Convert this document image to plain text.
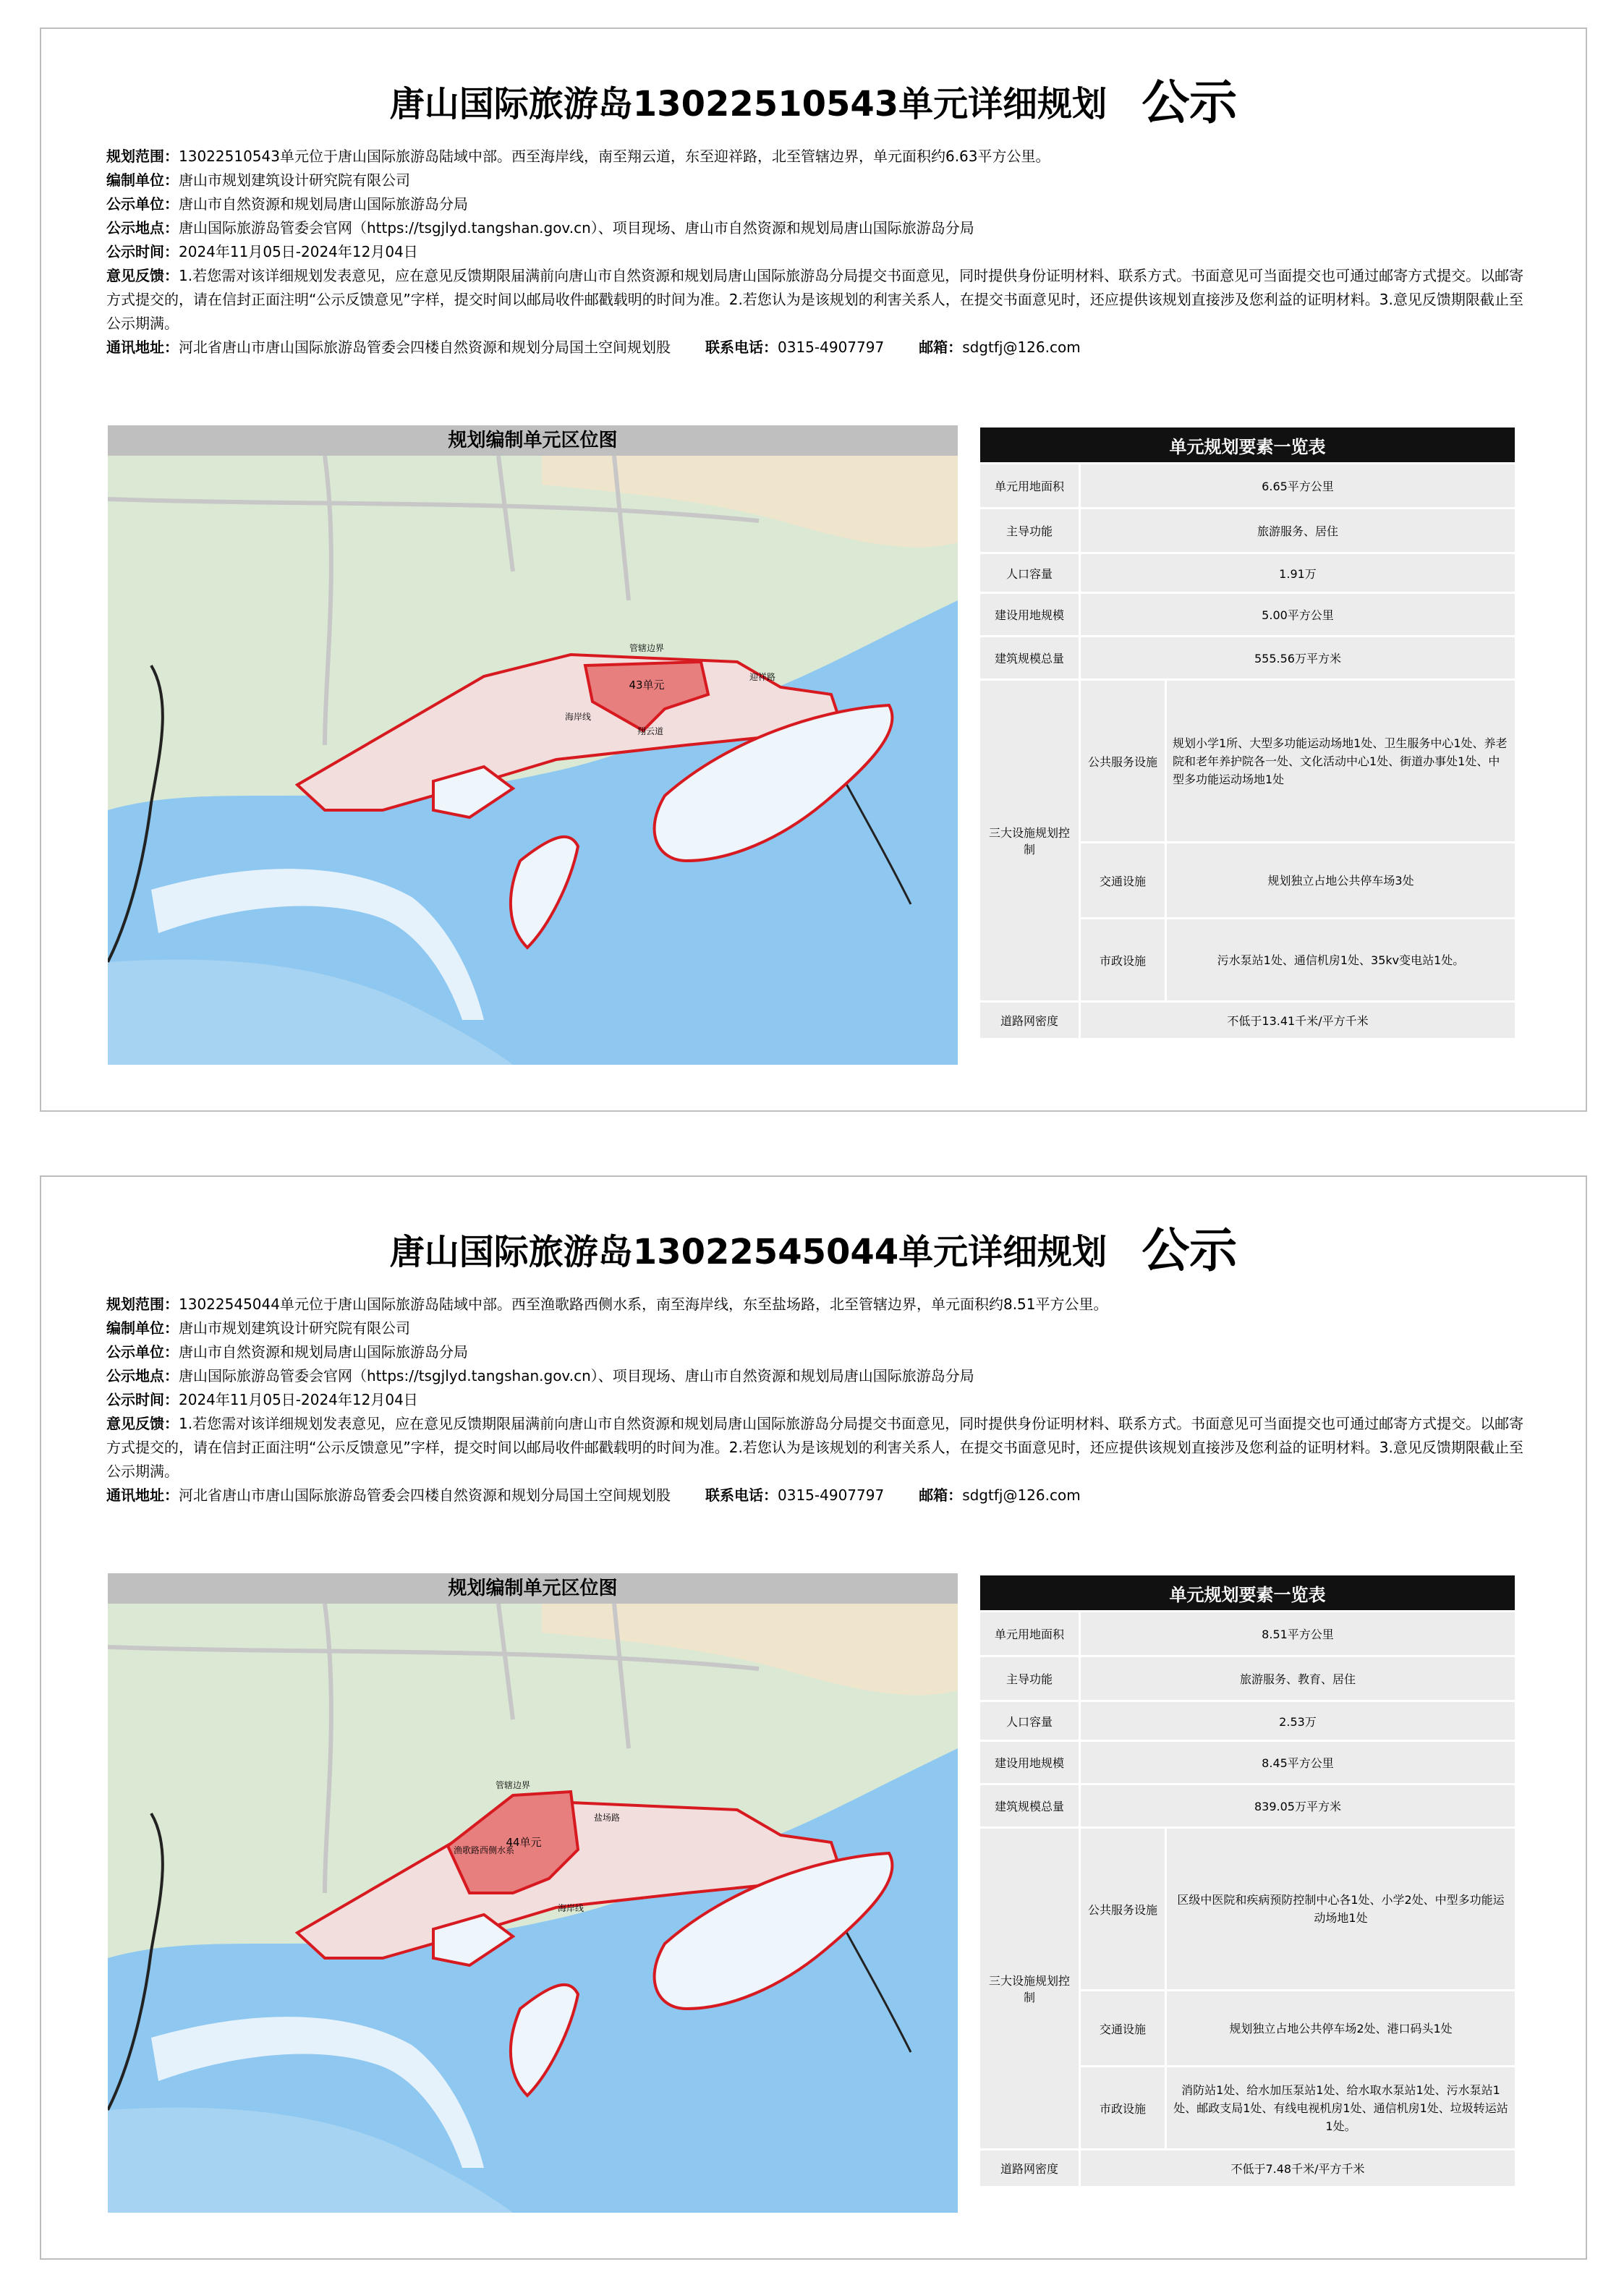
唐山国际旅游岛13022510543单元详细规划 公示
规划范围：13022510543单元位于唐山国际旅游岛陆域中部。西至海岸线，南至翔云道，东至迎祥路，北至管辖边界，单元面积约6.63平方公里。
编制单位：唐山市规划建筑设计研究院有限公司
公示单位：唐山市自然资源和规划局唐山国际旅游岛分局
公示地点：唐山国际旅游岛管委会官网（https://tsgjlyd.tangshan.gov.cn）、项目现场、唐山市自然资源和规划局唐山国际旅游岛分局
公示时间：2024年11月05日-2024年12月04日
意见反馈：1.若您需对该详细规划发表意见，应在意见反馈期限届满前向唐山市自然资源和规划局唐山国际旅游岛分局提交书面意见，同时提供身份证明材料、联系方式。书面意见可当面提交也可通过邮寄方式提交。以邮寄方式提交的，请在信封正面注明“公示反馈意见”字样，提交时间以邮局收件邮戳载明的时间为准。2.若您认为是该规划的利害关系人，在提交书面意见时，还应提供该规划直接涉及您利益的证明材料。3.意见反馈期限截止至公示期满。
通讯地址：河北省唐山市唐山国际旅游岛管委会四楼自然资源和规划分局国土空间规划股 联系电话：0315-4907797 邮箱：sdgtfj@126.com
规划编制单元区位图
43单元
管辖边界
迎祥路
翔云道
海岸线
单元规划要素一览表		
单元用地面积	6.65平方公里	
主导功能	旅游服务、居住	
人口容量	1.91万	
建设用地规模	5.00平方公里	
建筑规模总量	555.56万平方米	
三大设施规划控制	公共服务设施	规划小学1所、大型多功能运动场地1处、卫生服务中心1处、养老院和老年养护院各一处、文化活动中心1处、街道办事处1处、中型多功能运动场地1处
	交通设施	规划独立占地公共停车场3处
	市政设施	污水泵站1处、通信机房1处、35kv变电站1处。
道路网密度	不低于13.41千米/平方千米	
唐山国际旅游岛13022545044单元详细规划 公示
规划范围：13022545044单元位于唐山国际旅游岛陆域中部。西至渔歌路西侧水系，南至海岸线，东至盐场路，北至管辖边界，单元面积约8.51平方公里。
编制单位：唐山市规划建筑设计研究院有限公司
公示单位：唐山市自然资源和规划局唐山国际旅游岛分局
公示地点：唐山国际旅游岛管委会官网（https://tsgjlyd.tangshan.gov.cn）、项目现场、唐山市自然资源和规划局唐山国际旅游岛分局
公示时间：2024年11月05日-2024年12月04日
意见反馈：1.若您需对该详细规划发表意见，应在意见反馈期限届满前向唐山市自然资源和规划局唐山国际旅游岛分局提交书面意见，同时提供身份证明材料、联系方式。书面意见可当面提交也可通过邮寄方式提交。以邮寄方式提交的，请在信封正面注明“公示反馈意见”字样，提交时间以邮局收件邮戳载明的时间为准。2.若您认为是该规划的利害关系人，在提交书面意见时，还应提供该规划直接涉及您利益的证明材料。3.意见反馈期限截止至公示期满。
通讯地址：河北省唐山市唐山国际旅游岛管委会四楼自然资源和规划分局国土空间规划股 联系电话：0315-4907797 邮箱：sdgtfj@126.com
规划编制单元区位图
44单元
管辖边界
盐场路
海岸线
渔歌路西侧水系
单元规划要素一览表		
单元用地面积	8.51平方公里	
主导功能	旅游服务、教育、居住	
人口容量	2.53万	
建设用地规模	8.45平方公里	
建筑规模总量	839.05万平方米	
三大设施规划控制	公共服务设施	区级中医院和疾病预防控制中心各1处、小学2处、中型多功能运动场地1处
	交通设施	规划独立占地公共停车场2处、港口码头1处
	市政设施	消防站1处、给水加压泵站1处、给水取水泵站1处、污水泵站1处、邮政支局1处、有线电视机房1处、通信机房1处、垃圾转运站1处。
道路网密度	不低于7.48千米/平方千米	
